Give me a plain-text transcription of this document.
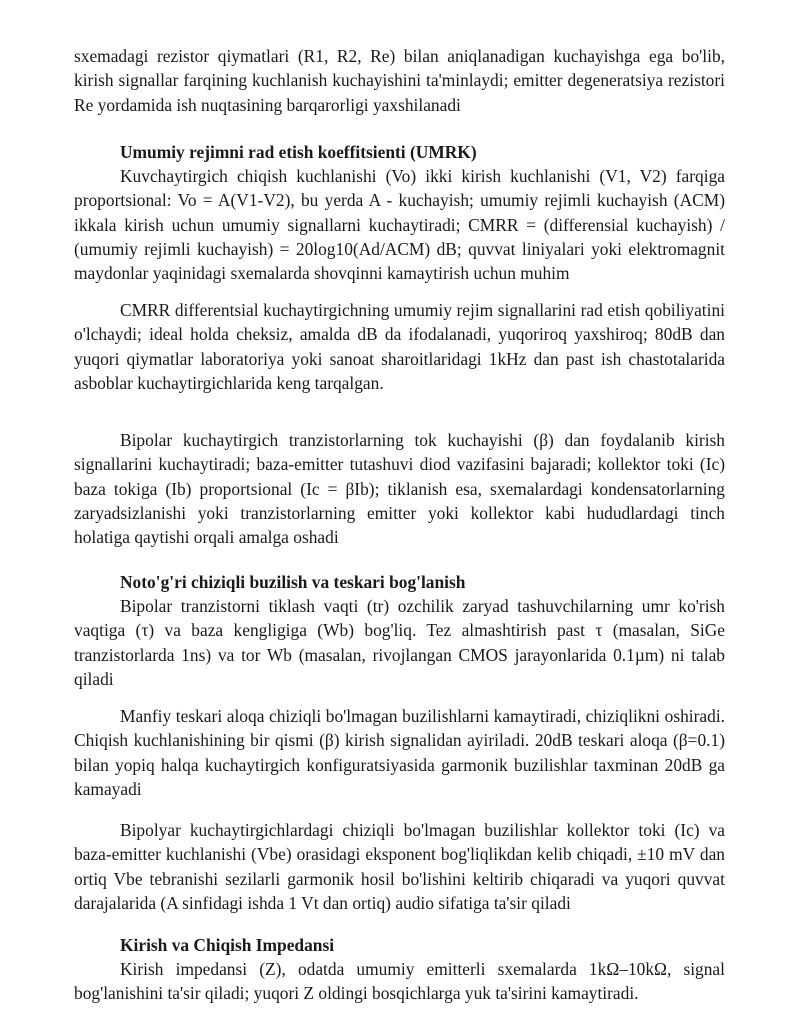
sxemadagi rezistor qiymatlari (R1, R2, Re) bilan aniqlanadigan kuchayishga ega bo'lib, kirish signallar farqining kuchlanish kuchayishini ta'minlaydi; emitter degeneratsiya rezistori Re yordamida ish nuqtasining barqarorligi yaxshilanadi

Umumiy rejimni rad etish koeffitsienti (UMRK)

Kuvchaytirgich chiqish kuchlanishi (Vo) ikki kirish kuchlanishi (V1, V2) farqiga proportsional: Vo = A(V1-V2), bu yerda A - kuchayish; umumiy rejimli kuchayish (ACM) ikkala kirish uchun umumiy signallarni kuchaytiradi; CMRR = (differensial kuchayish) / (umumiy rejimli kuchayish) = 20log10(Ad/ACM) dB; quvvat liniyalari yoki elektromagnit maydonlar yaqinidagi sxemalarda shovqinni kamaytirish uchun muhim

CMRR differentsial kuchaytirgichning umumiy rejim signallarini rad etish qobiliyatini o'lchaydi; ideal holda cheksiz, amalda dB da ifodalanadi, yuqoriroq yaxshiroq; 80dB dan yuqori qiymatlar laboratoriya yoki sanoat sharoitlaridagi 1kHz dan past ish chastotalarida asboblar kuchaytirgichlarida keng tarqalgan.

Bipolar kuchaytirgich tranzistorlarning tok kuchayishi (β) dan foydalanib kirish signallarini kuchaytiradi; baza-emitter tutashuvi diod vazifasini bajaradi; kollektor toki (Ic) baza tokiga (Ib) proportsional (Ic = βIb); tiklanish esa, sxemalardagi kondensatorlarning zaryadsizlanishi yoki tranzistorlarning emitter yoki kollektor kabi hududlardagi tinch holatiga qaytishi orqali amalga oshadi

Noto'g'ri chiziqli buzilish va teskari bog'lanish

Bipolar tranzistorni tiklash vaqti (tr) ozchilik zaryad tashuvchilarning umr ko'rish vaqtiga (τ) va baza kengligiga (Wb) bog'liq. Tez almashtirish past τ (masalan, SiGe tranzistorlarda 1ns) va tor Wb (masalan, rivojlangan CMOS jarayonlarida 0.1µm) ni talab qiladi

Manfiy teskari aloqa chiziqli bo'lmagan buzilishlarni kamaytiradi, chiziqlikni oshiradi. Chiqish kuchlanishining bir qismi (β) kirish signalidan ayiriladi. 20dB teskari aloqa (β=0.1) bilan yopiq halqa kuchaytirgich konfiguratsiyasida garmonik buzilishlar taxminan 20dB ga kamayadi

Bipolyar kuchaytirgichlardagi chiziqli bo'lmagan buzilishlar kollektor toki (Ic) va baza-emitter kuchlanishi (Vbe) orasidagi eksponent bog'liqlikdan kelib chiqadi, ±10 mV dan ortiq Vbe tebranishi sezilarli garmonik hosil bo'lishini keltirib chiqaradi va yuqori quvvat darajalarida (A sinfidagi ishda 1 Vt dan ortiq) audio sifatiga ta'sir qiladi

Kirish va Chiqish Impedansi

Kirish impedansi (Z), odatda umumiy emitterli sxemalarda 1kΩ–10kΩ, signal bog'lanishini ta'sir qiladi; yuqori Z oldingi bosqichlarga yuk ta'sirini kamaytiradi.
